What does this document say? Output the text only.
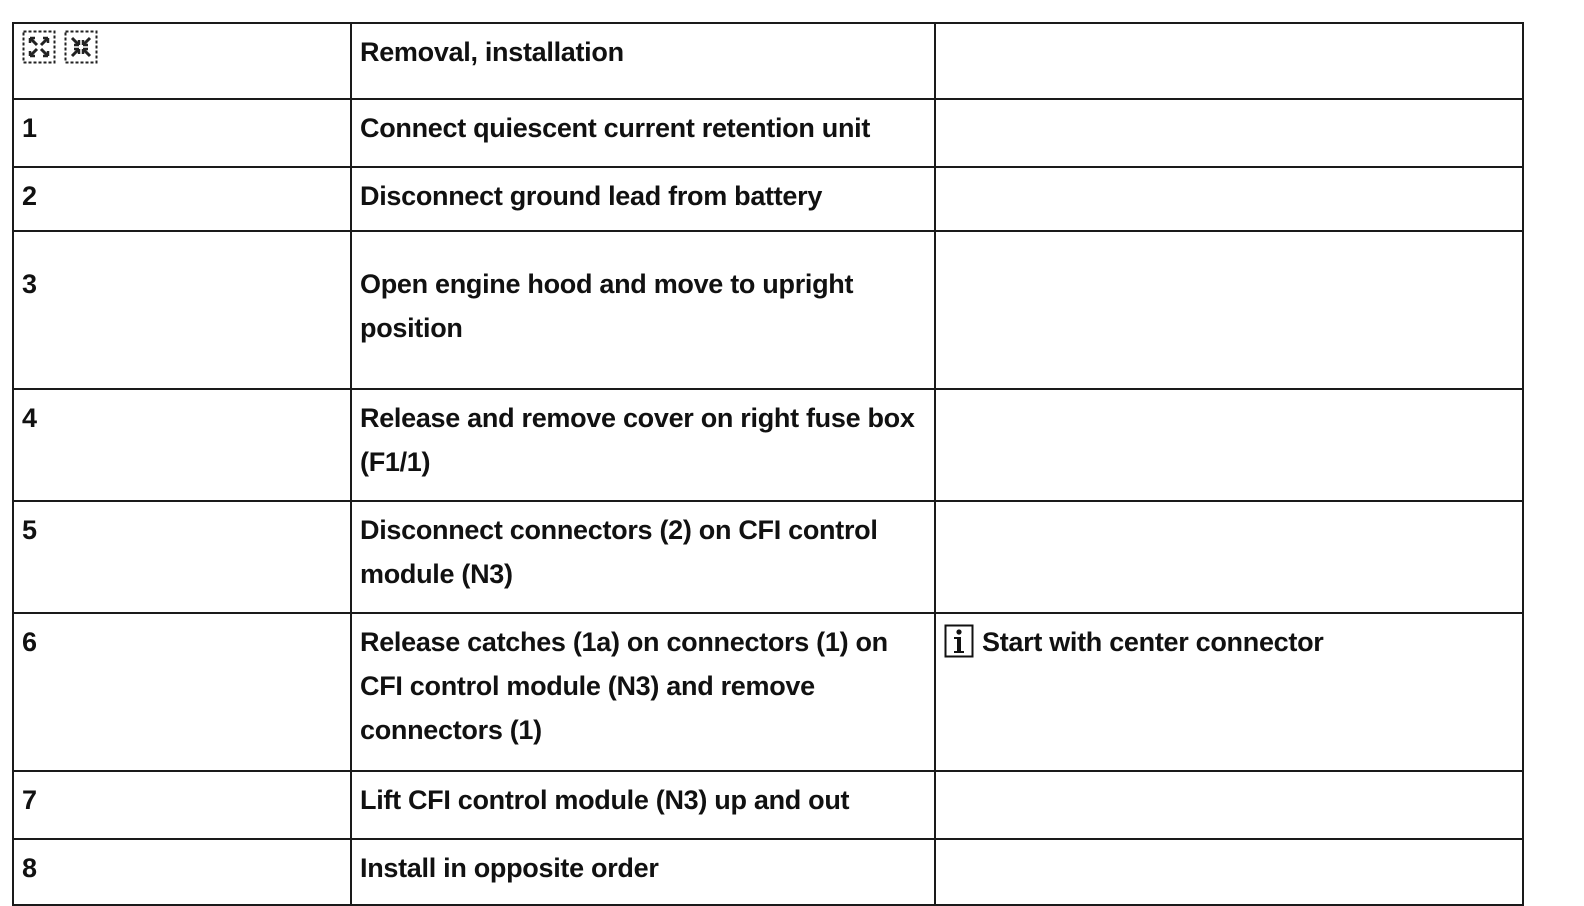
	Removal, installation	
1	Connect quiescent current retention unit	
2	Disconnect ground lead from battery	
3	Open engine hood and move to upright position	
4	Release and remove cover on right fuse box (F1/1)	
5	Disconnect connectors (2) on CFI control module (N3)	
6	Release catches (1a) on connectors (1) on CFI control module (N3) and remove connectors (1)	Start with center connector

7	Lift CFI control module (N3) up and out	
8	Install in opposite order	
